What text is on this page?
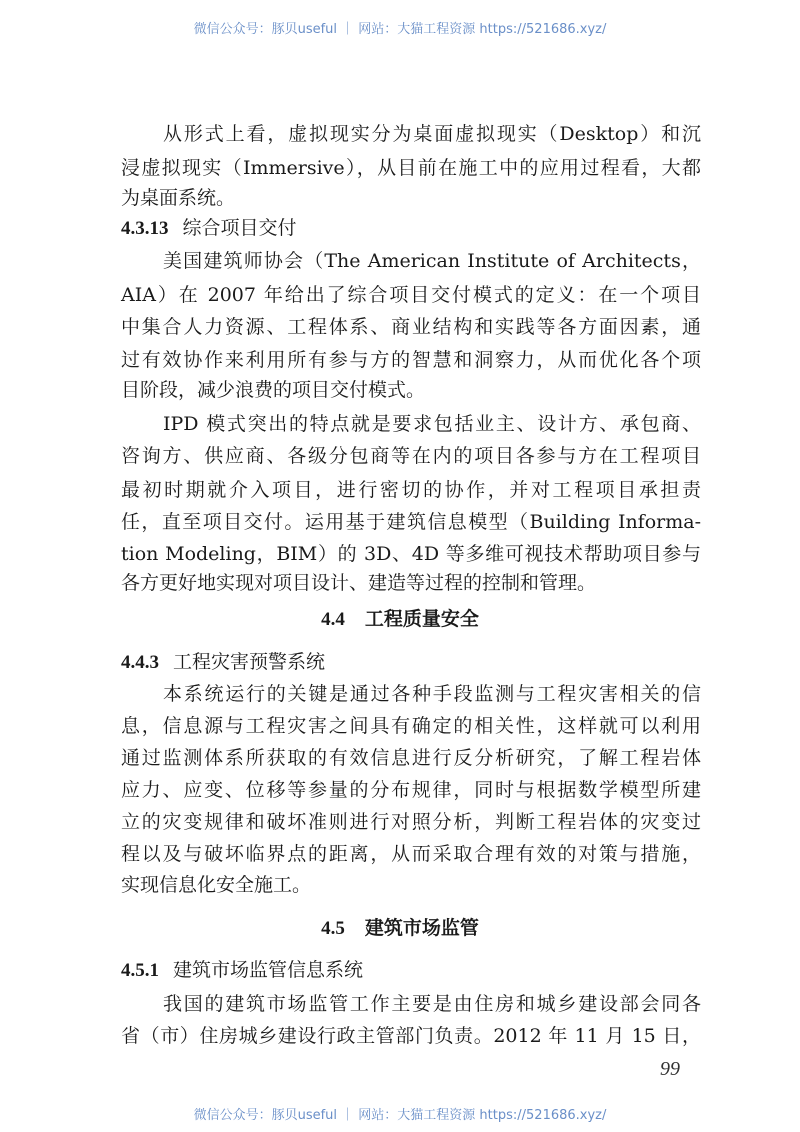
微信公众号：豚贝useful ｜ 网站：大猫工程资源 https://521686.xyz/
从形式上看，虚拟现实分为桌面虚拟现实（Desktop）和沉
浸虚拟现实（Immersive），从目前在施工中的应用过程看，大都
为桌面系统。
4.3.13 综合项目交付
美国建筑师协会（The American Institute of Architects，
AIA）在 2007 年给出了综合项目交付模式的定义：在一个项目
中集合人力资源、工程体系、商业结构和实践等各方面因素，通
过有效协作来利用所有参与方的智慧和洞察力，从而优化各个项
目阶段，减少浪费的项目交付模式。
IPD 模式突出的特点就是要求包括业主、设计方、承包商、
咨询方、供应商、各级分包商等在内的项目各参与方在工程项目
最初时期就介入项目，进行密切的协作，并对工程项目承担责
任，直至项目交付。运用基于建筑信息模型（Building Informa-
tion Modeling，BIM）的 3D、4D 等多维可视技术帮助项目参与
各方更好地实现对项目设计、建造等过程的控制和管理。
4.4 工程质量安全
4.4.3 工程灾害预警系统
本系统运行的关键是通过各种手段监测与工程灾害相关的信
息，信息源与工程灾害之间具有确定的相关性，这样就可以利用
通过监测体系所获取的有效信息进行反分析研究，了解工程岩体
应力、应变、位移等参量的分布规律，同时与根据数学模型所建
立的灾变规律和破坏准则进行对照分析，判断工程岩体的灾变过
程以及与破坏临界点的距离，从而采取合理有效的对策与措施，
实现信息化安全施工。
4.5 建筑市场监管
4.5.1 建筑市场监管信息系统
我国的建筑市场监管工作主要是由住房和城乡建设部会同各
省（市）住房城乡建设行政主管部门负责。2012 年 11 月 15 日，
99
微信公众号：豚贝useful ｜ 网站：大猫工程资源 https://521686.xyz/
